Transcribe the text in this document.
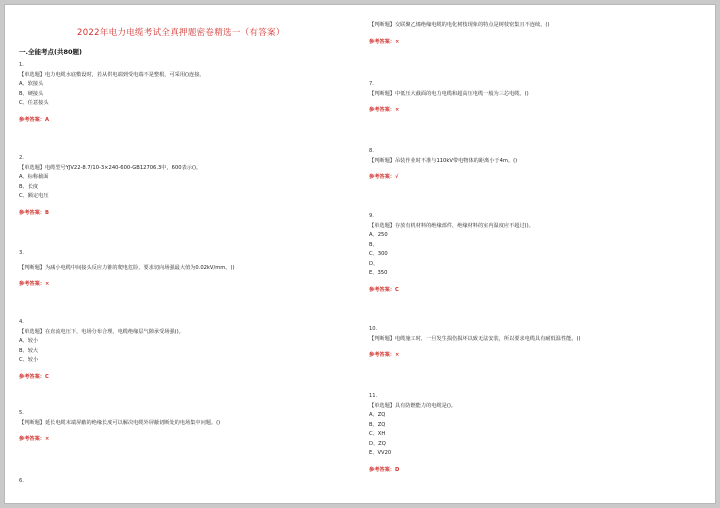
2022年电力电缆考试全真押题密卷精选一（有答案）
一.全能考点(共80题)
1.
【单选题】电力电缆水底敷设时，若从供电端到受电端不是整根，可采用()连接。
A、软接头
B、硬接头
C、任意接头
参考答案：A
2.
【单选题】电缆型号YJV22-8.7/10-3×240-600-GB12706.3中，600表示()。
A、标称截面
B、长度
C、额定电压
参考答案：B
3.
【判断题】为减小电缆中间接头反应力锥的爬电危险，要求切向场强最大值为0.02kV/mm。()
参考答案：×
4.
【单选题】在直流电压下，电场分布合理，电缆绝缘层气隙承受场强()。
A、较小
B、较大
C、较小
参考答案：C
5.
【判断题】延长电缆末端屏蔽的绝缘长度可以解决电缆外屏蔽切断处的电场集中问题。()
参考答案：×
6.
【判断题】交联聚乙烯绝缘电缆的电化树枝现象的特点是树枝密集且不连续。()
参考答案：×
7.
【判断题】中低压大截面的电力电缆和超高压电缆一般为三芯电缆。()
参考答案：×
8.
【判断题】吊装作业时不准与110kV带电物体的距离小于4m。()
参考答案：√
9.
【单选题】存放有机材料的绝缘部件，绝缘材料的室内温度应不超过()。
A、250
B、
C、300
D、
E、350
参考答案：C
10.
【判断题】电缆施工时，一旦发生损伤损坏以致无法安装，所以要求电缆具有耐低温性能。()
参考答案：×
11.
【单选题】具有防燃能力的电缆是()。
A、ZQ
B、ZQ
C、XH
D、ZQ
E、VV20
参考答案：D
